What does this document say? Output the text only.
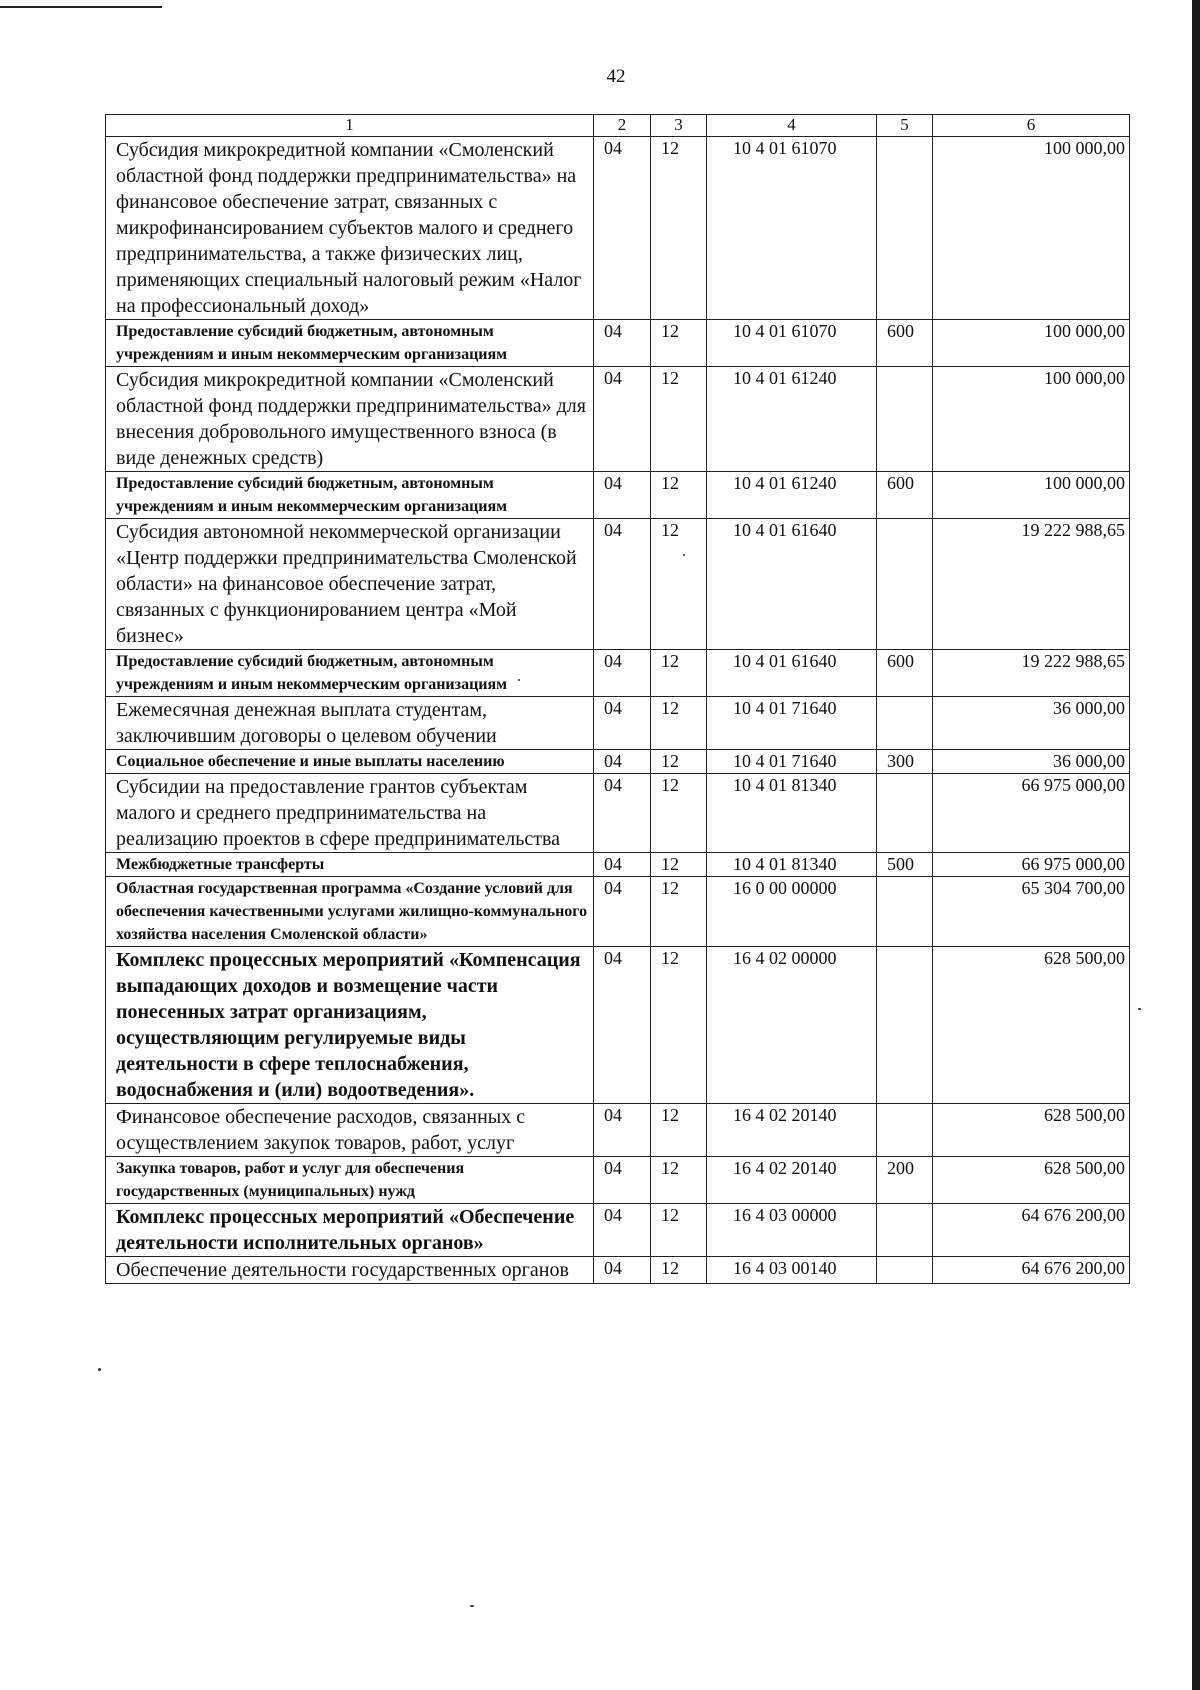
42
1	2	3	4	5	6
Субсидия микрокредитной компании «Смоленский областной фонд поддержки предпринимательства» на финансовое обеспечение затрат, связанных с микрофинансированием субъектов малого и среднего предпринимательства, а также физических лиц, применяющих специальный налоговый режим «Налог на профессиональный доход»	04	12	10 4 01 61070		100 000,00
Предоставление субсидий бюджетным, автономным учреждениям и иным некоммерческим организациям	04	12	10 4 01 61070	600	100 000,00
Субсидия микрокредитной компании «Смоленский областной фонд поддержки предпринимательства» для внесения добровольного имущественного взноса (в виде денежных средств)	04	12	10 4 01 61240		100 000,00
Предоставление субсидий бюджетным, автономным учреждениям и иным некоммерческим организациям	04	12	10 4 01 61240	600	100 000,00
Субсидия автономной некоммерческой организации «Центр поддержки предпринимательства Смоленской области» на финансовое обеспечение затрат, связанных с функционированием центра «Мой бизнес»	04	12	10 4 01 61640		19 222 988,65
Предоставление субсидий бюджетным, автономным учреждениям и иным некоммерческим организациям	04	12	10 4 01 61640	600	19 222 988,65
Ежемесячная денежная выплата студентам, заключившим договоры о целевом обучении	04	12	10 4 01 71640		36 000,00
Социальное обеспечение и иные выплаты населению	04	12	10 4 01 71640	300	36 000,00
Субсидии на предоставление грантов субъектам малого и среднего предпринимательства на реализацию проектов в сфере предпринимательства	04	12	10 4 01 81340		66 975 000,00
Межбюджетные трансферты	04	12	10 4 01 81340	500	66 975 000,00
Областная государственная программа «Создание условий для обеспечения качественными услугами жилищно-коммунального хозяйства населения Смоленской области»	04	12	16 0 00 00000		65 304 700,00
Комплекс процессных мероприятий «Компенсация выпадающих доходов и возмещение части понесенных затрат организациям, осуществляющим регулируемые виды деятельности в сфере теплоснабжения, водоснабжения и (или) водоотведения».	04	12	16 4 02 00000		628 500,00
Финансовое обеспечение расходов, связанных с осуществлением закупок товаров, работ, услуг	04	12	16 4 02 20140		628 500,00
Закупка товаров, работ и услуг для обеспечения государственных (муниципальных) нужд	04	12	16 4 02 20140	200	628 500,00
Комплекс процессных мероприятий «Обеспечение деятельности исполнительных органов»	04	12	16 4 03 00000		64 676 200,00
Обеспечение деятельности государственных органов	04	12	16 4 03 00140		64 676 200,00
